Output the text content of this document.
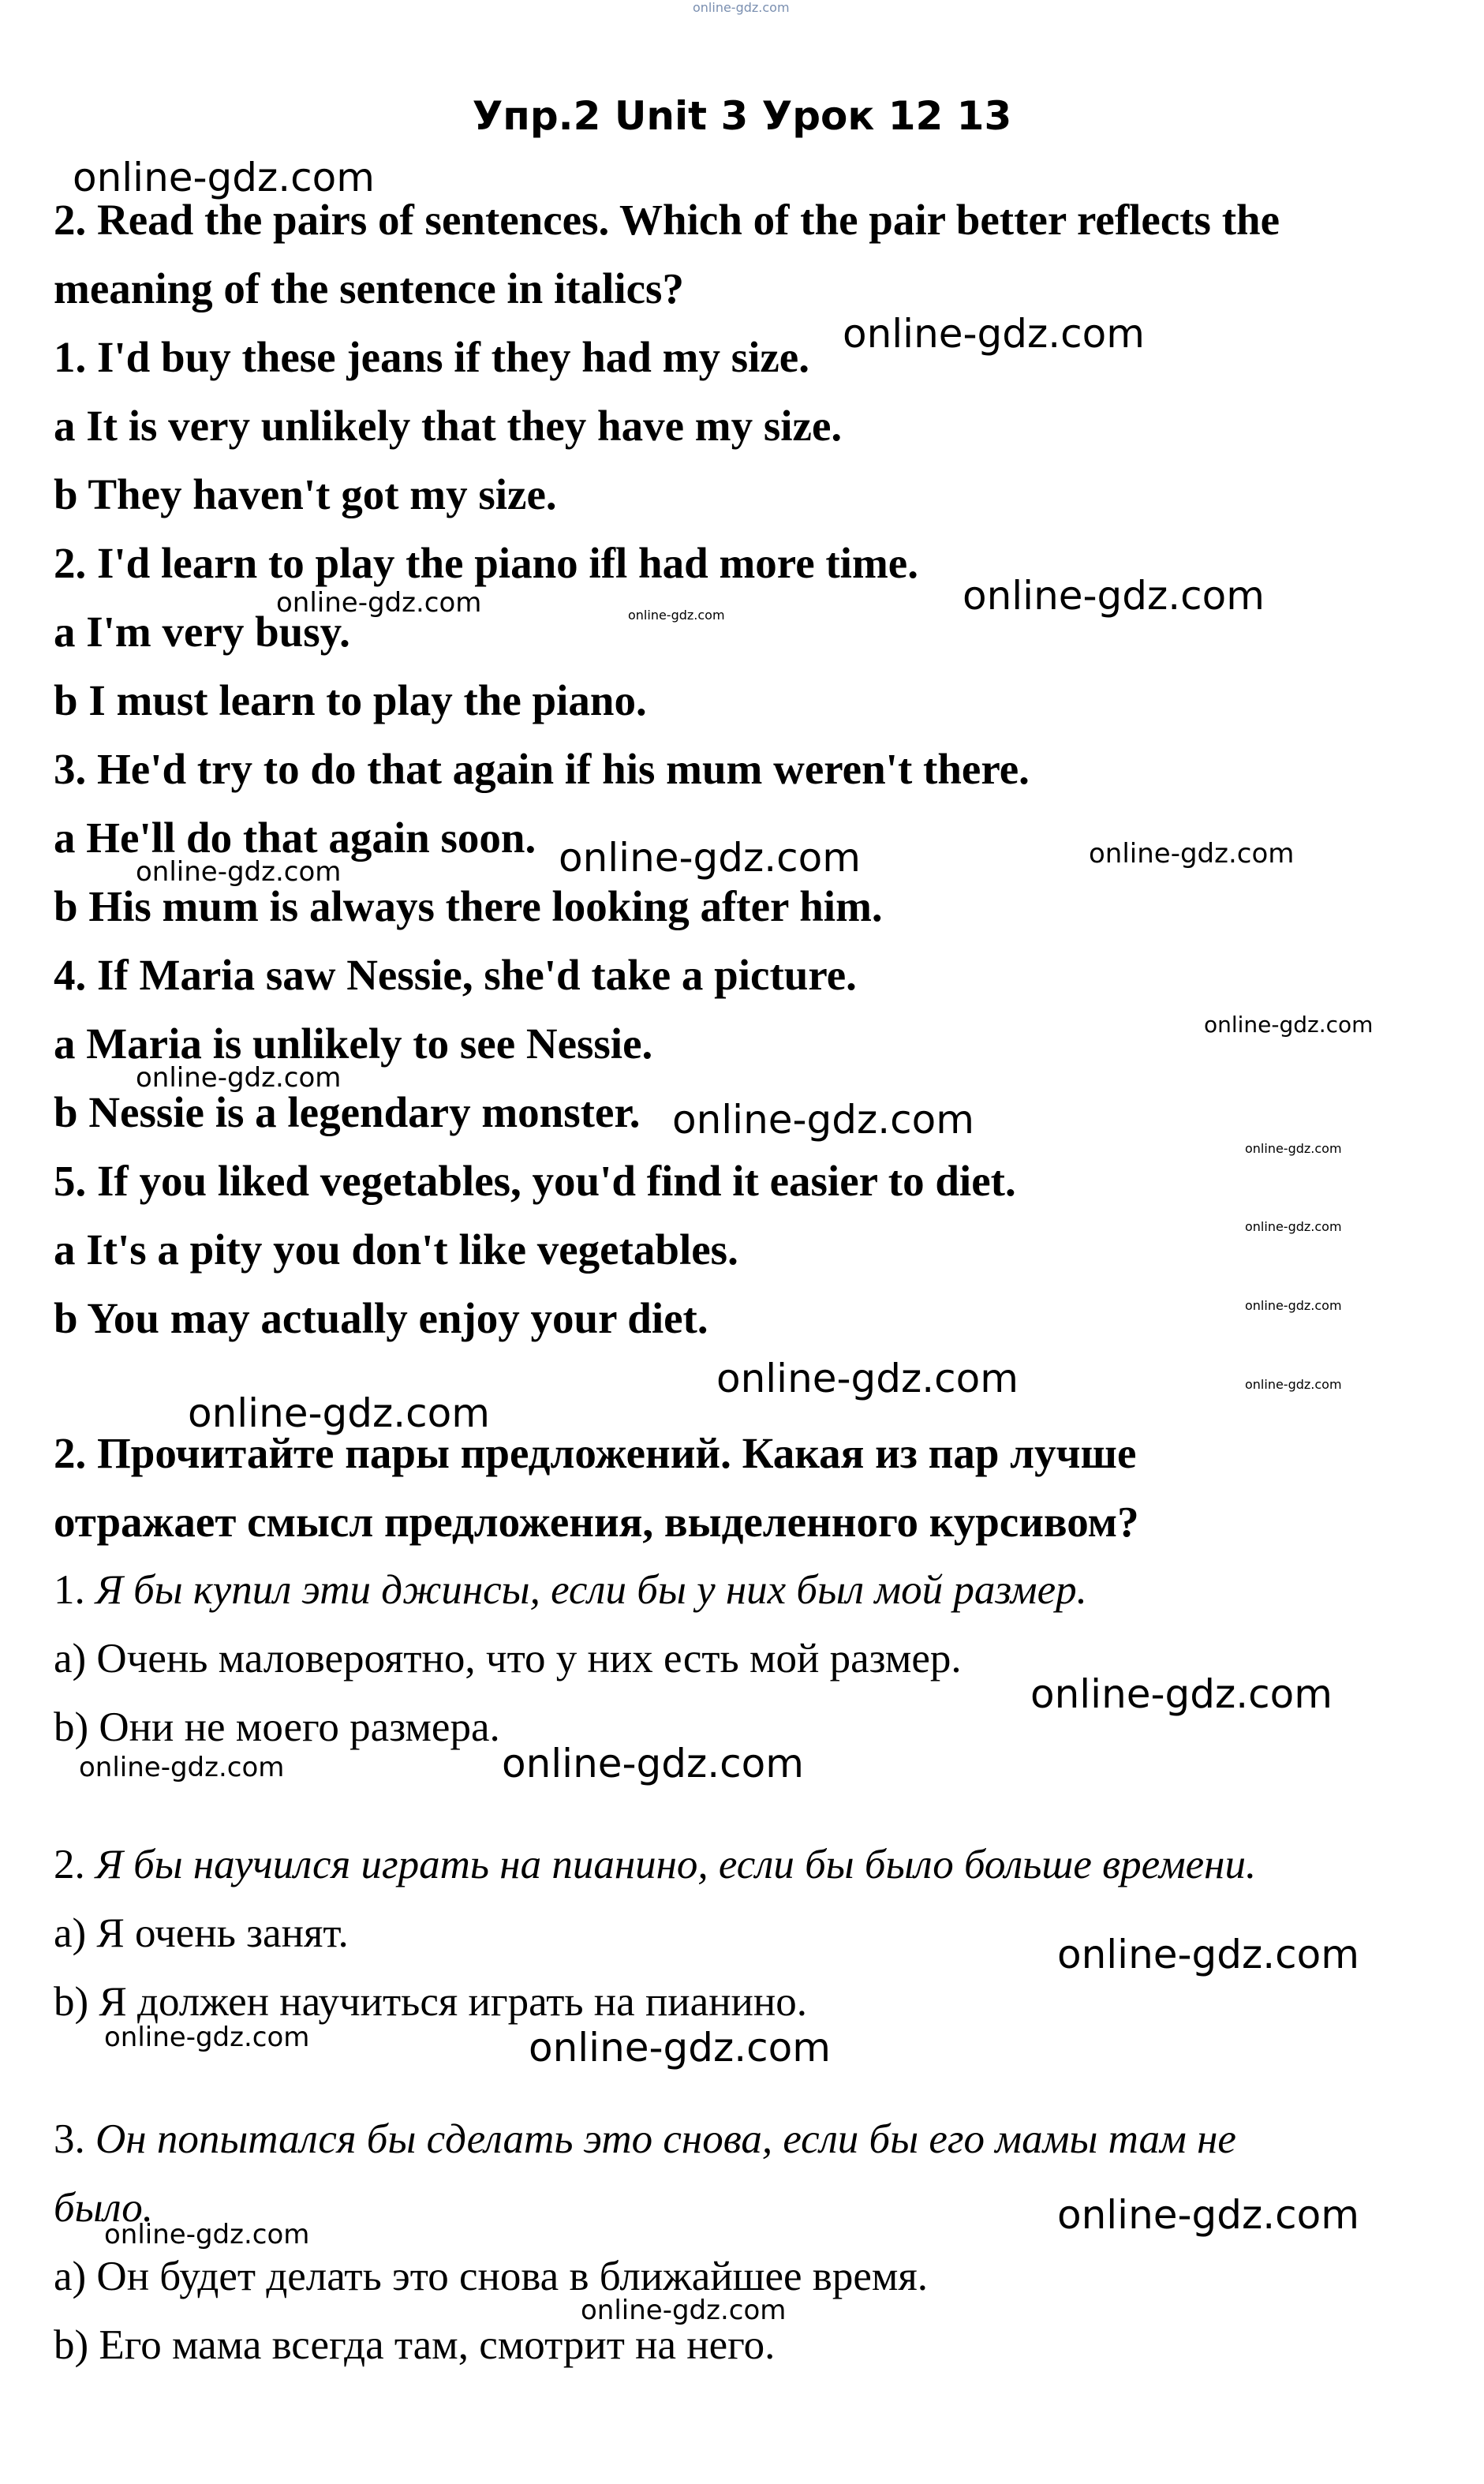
online-gdz.com
online-gdz.com
online-gdz.com
online-gdz.com	online-gdz.com	online-gdz.com
online-gdz.com
online-gdz.com
online-gdz.com
online-gdz.com
online-gdz.com
online-gdz.com
online-gdz.com
online-gdz.com
online-gdz.com
online-gdz.com
online-gdz.com
online-gdz.com
online-gdz.com
online-gdz.com
online-gdz.com
online-gdz.com
online-gdz.com	online-gdz.com
online-gdz.com
online-gdz.com
online-gdz.com
Упр.2 Unit 3 Урок 12 13
2. Read the pairs of sentences. Which of the pair better reflects the
meaning of the sentence in italics?
1. I'd buy these jeans if they had my size.
a It is very unlikely that they have my size.
b They haven't got my size.
2. I'd learn to play the piano ifl had more time.
a I'm very busy.
b I must learn to play the piano.
3. He'd try to do that again if his mum weren't there.
a He'll do that again soon.
b His mum is always there looking after him.
4. If Maria saw Nessie, she'd take a picture.
a Maria is unlikely to see Nessie.
b Nessie is a legendary monster.
5. If you liked vegetables, you'd find it easier to diet.
a It's a pity you don't like vegetables.
b You may actually enjoy your diet.
2. Прочитайте пары предложений. Какая из пар лучше
отражает смысл предложения, выделенного курсивом?
1. Я бы купил эти джинсы, если бы у них был мой размер.
a) Очень маловероятно, что у них есть мой размер.
b) Они не моего размера.
2. Я бы научился играть на пианино, если бы было больше времени.
a) Я очень занят.
b) Я должен научиться играть на пианино.
3. Он попытался бы сделать это снова, если бы его мамы там не
было.
a) Он будет делать это снова в ближайшее время.
b) Его мама всегда там, смотрит на него.
